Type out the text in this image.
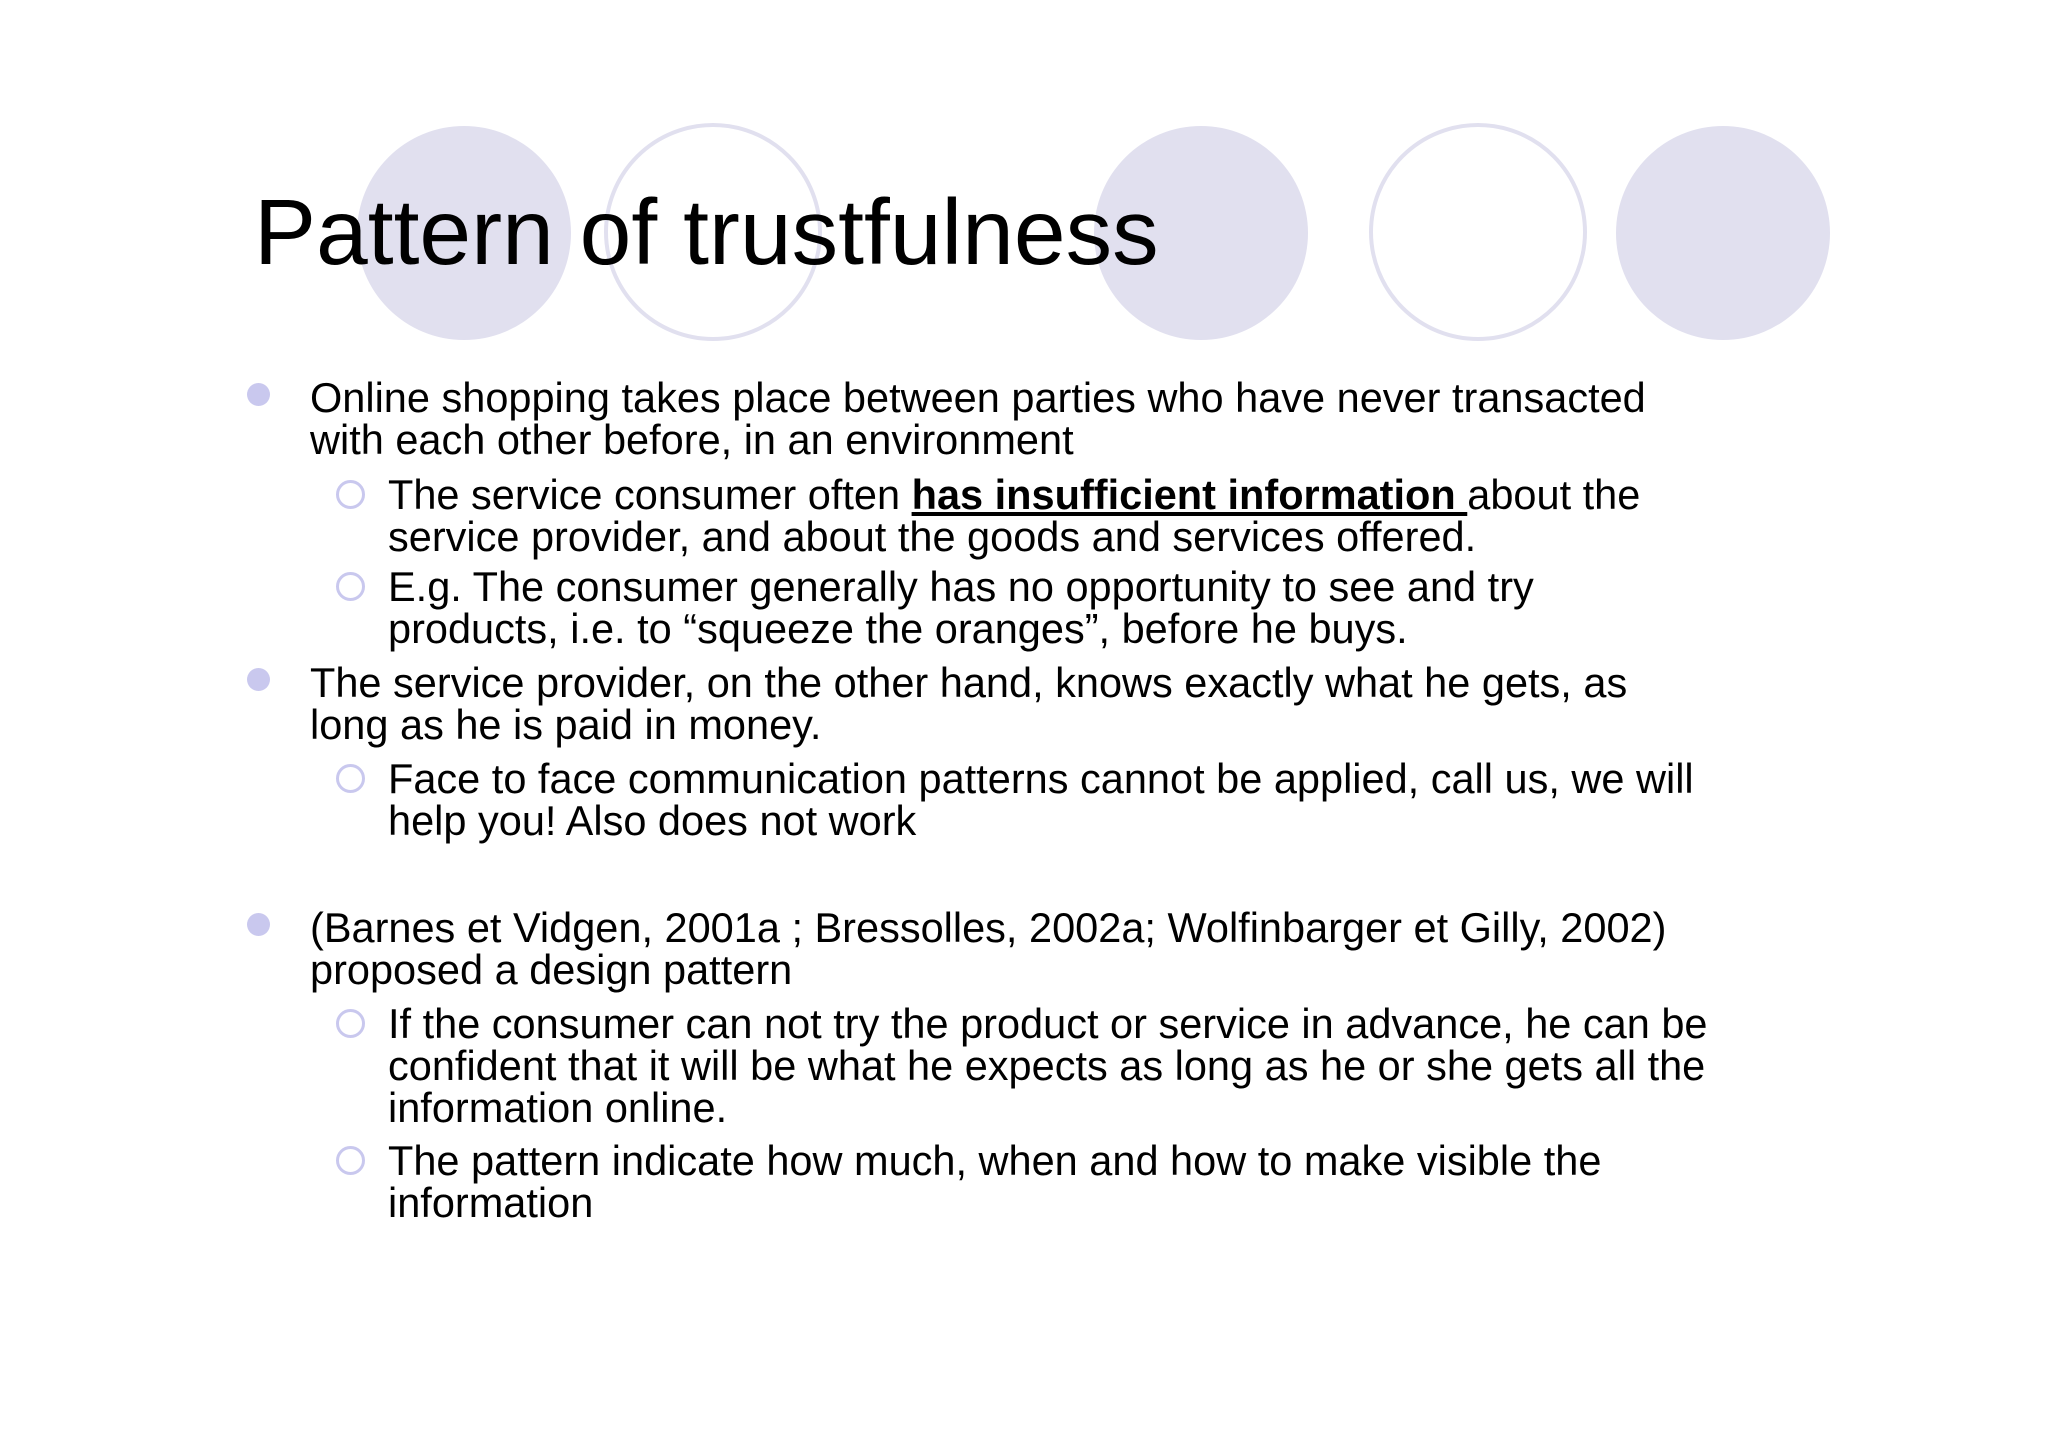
Pattern of trustfulness
Online shopping takes place between parties who have never transacted
with each other before, in an environment
The service consumer often has insufficient information about the
service provider, and about the goods and services offered.
E.g. The consumer generally has no opportunity to see and try
products, i.e. to “squeeze the oranges”, before he buys.
The service provider, on the other hand, knows exactly what he gets, as
long as he is paid in money.
Face to face communication patterns cannot be applied, call us, we will
help you! Also does not work
(Barnes et Vidgen, 2001a ; Bressolles, 2002a; Wolfinbarger et Gilly, 2002)
proposed a design pattern
If the consumer can not try the product or service in advance, he can be
confident that it will be what he expects as long as he or she gets all the
information online.
The pattern indicate how much, when and how to make visible the
information
